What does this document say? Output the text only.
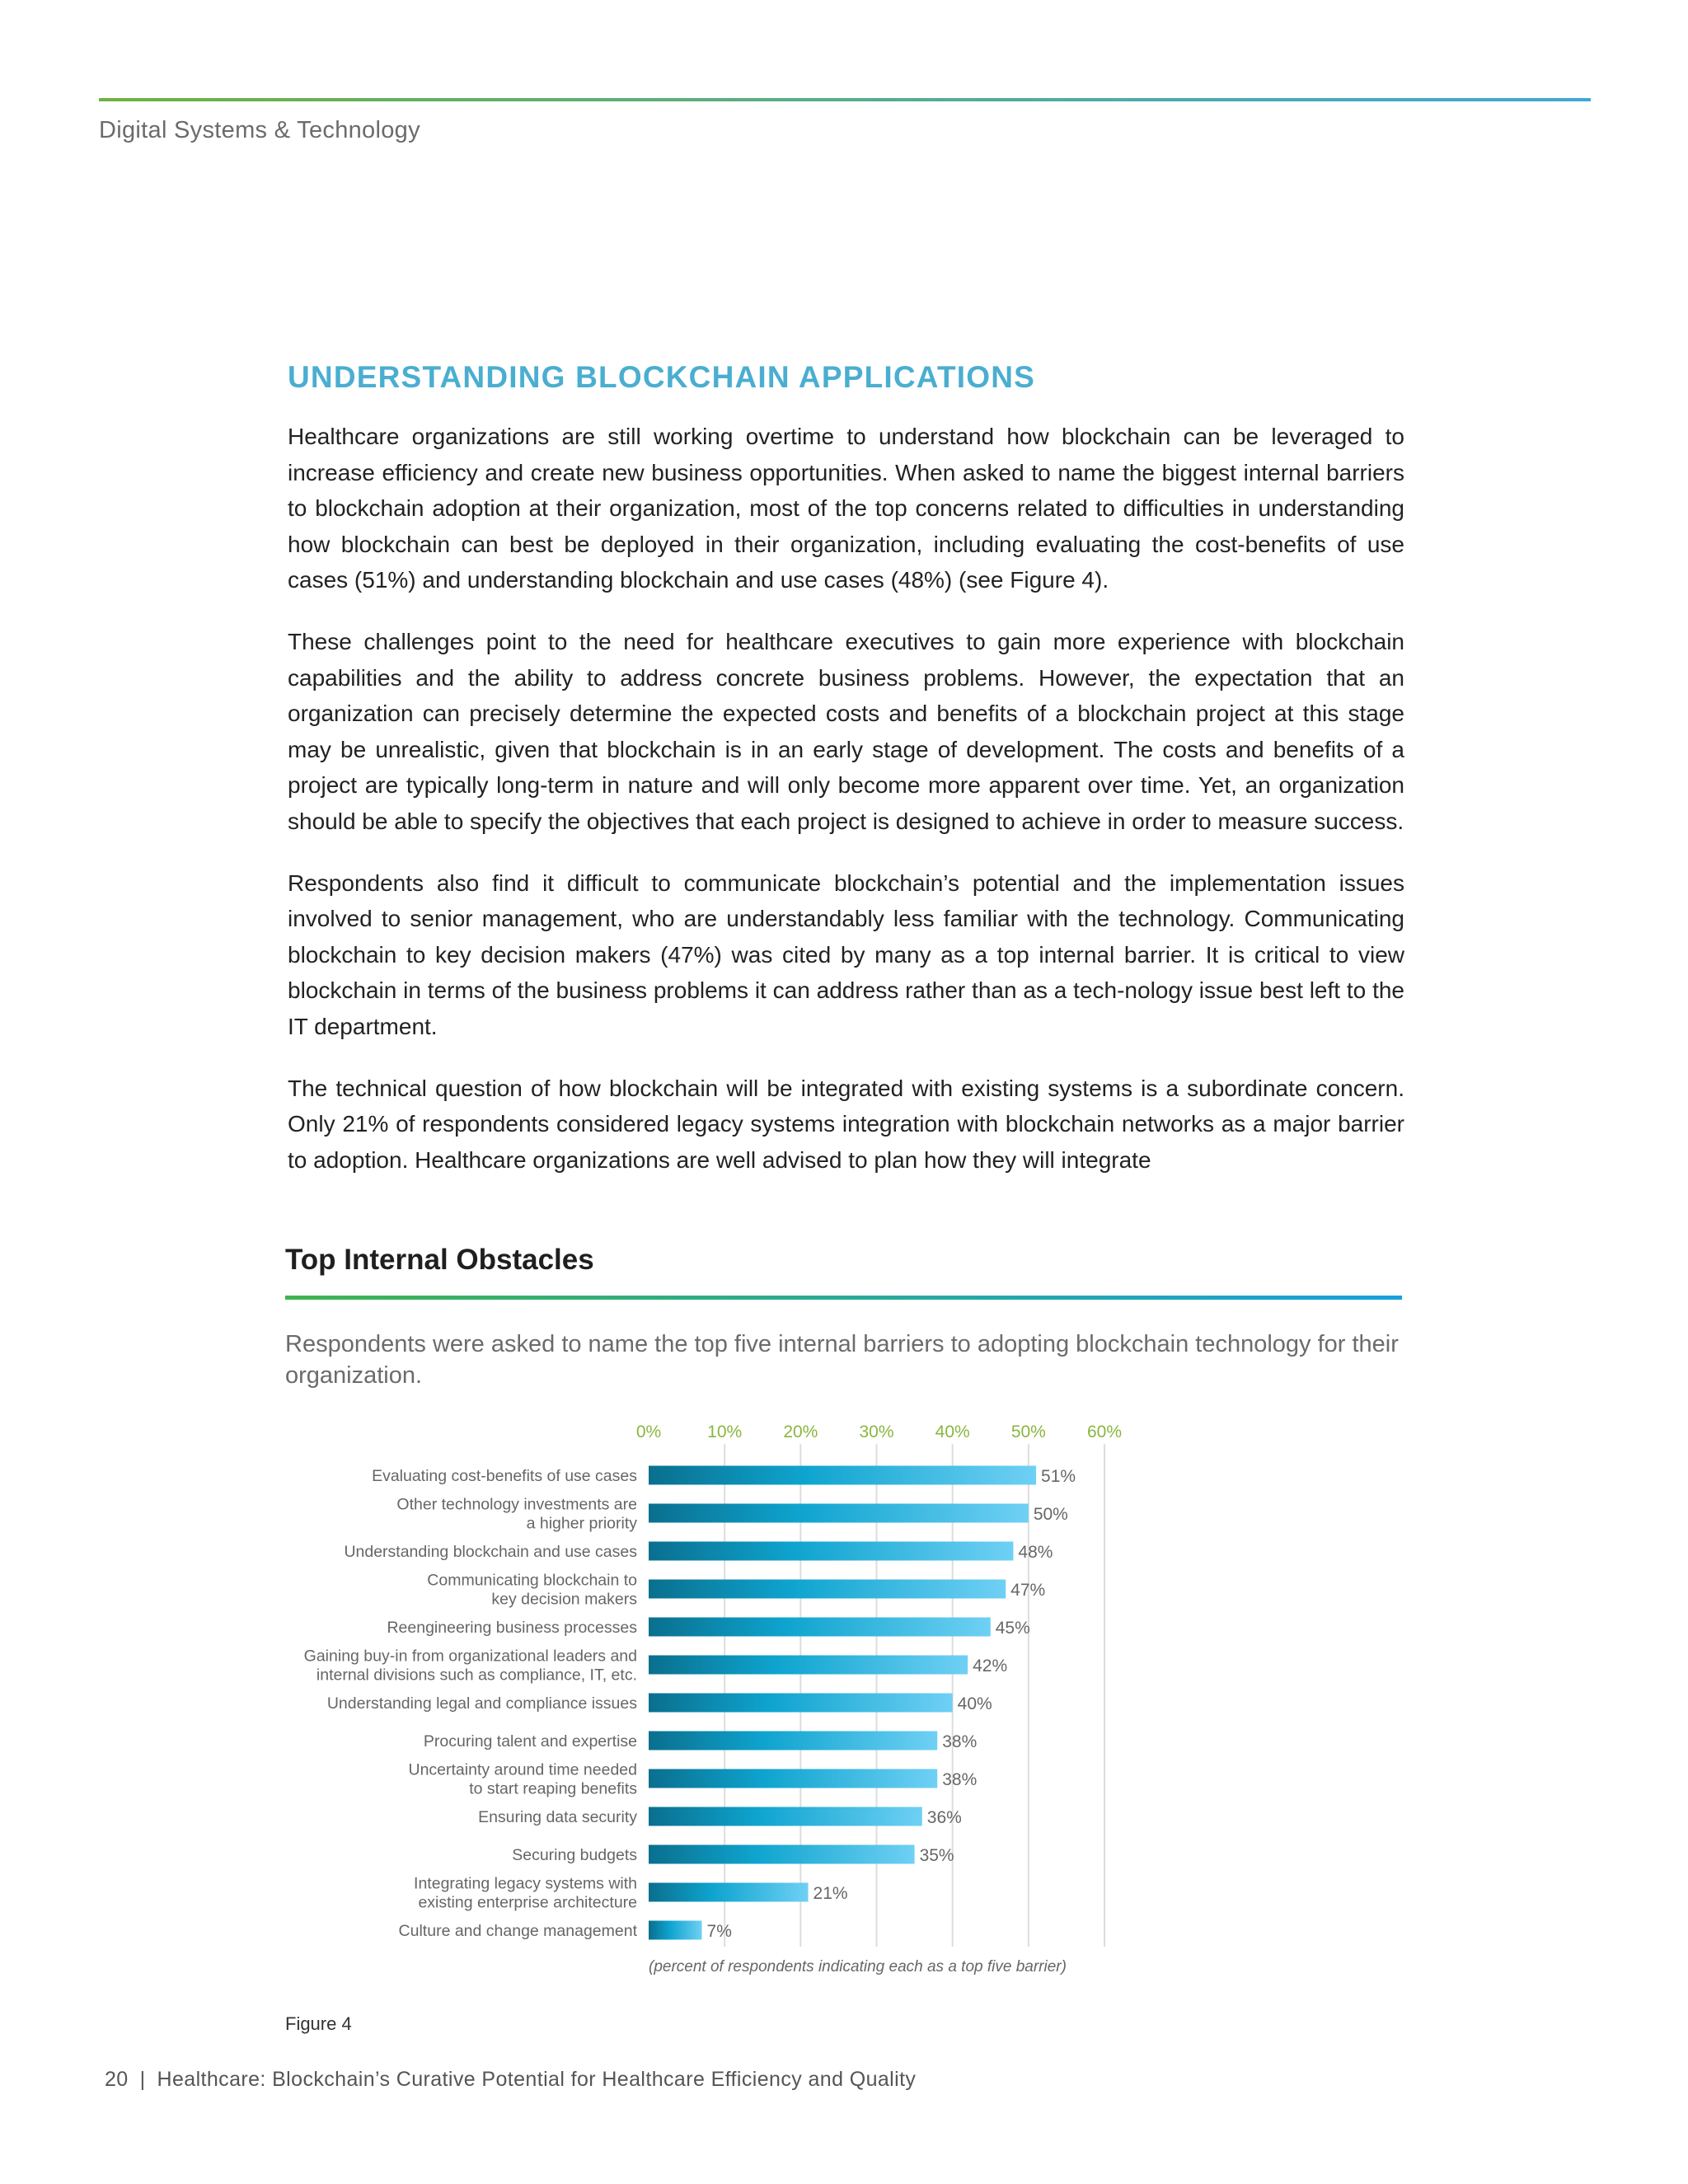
Digital Systems & Technology
UNDERSTANDING BLOCKCHAIN APPLICATIONS

Healthcare organizations are still working overtime to understand how blockchain can be leveraged to increase efficiency and create new business opportunities. When asked to name the biggest internal barriers to blockchain adoption at their organization, most of the top concerns related to difficulties in understanding how blockchain can best be deployed in their organization, including evaluating the cost-benefits of use cases (51%) and understanding blockchain and use cases (48%) (see Figure 4).

These challenges point to the need for healthcare executives to gain more experience with blockchain capabilities and the ability to address concrete business problems. However, the expectation that an organization can precisely determine the expected costs and benefits of a blockchain project at this stage may be unrealistic, given that blockchain is in an early stage of development. The costs and benefits of a project are typically long-term in nature and will only become more apparent over time. Yet, an organization should be able to specify the objectives that each project is designed to achieve in order to measure success.

Respondents also find it difficult to communicate blockchain’s potential and the implementation issues involved to senior management, who are understandably less familiar with the technology. Communicating blockchain to key decision makers (47%) was cited by many as a top internal barrier. It is critical to view blockchain in terms of the business problems it can address rather than as a tech-nology issue best left to the IT department.

The technical question of how blockchain will be integrated with existing systems is a subordinate concern. Only 21% of respondents considered legacy systems integration with blockchain networks as a major barrier to adoption. Healthcare organizations are well advised to plan how they will integrate

Top Internal Obstacles
Respondents were asked to name the top five internal barriers to adopting blockchain technology for their organization.
0%	10% 20% 30% 40% 50% 60%
51%
Evaluating cost-benefits of use cases
50%
Other technology investments are a higher priority
48%
Understanding blockchain and use cases
47%
Communicating blockchain to key decision makers
45%
Reengineering business processes
42%
Gaining buy-in from organizational leaders and internal divisions such as compliance, IT, etc.
40%
Understanding legal and compliance issues
38%
Procuring talent and expertise
38%
Uncertainty around time needed to start reaping benefits
36%
Ensuring data security
35%
Securing budgets
21%
Integrating legacy systems with existing enterprise architecture
7%
Culture and change management
(percent of respondents indicating each as a top five barrier)
Figure 4
20 | Healthcare: Blockchain’s Curative Potential for Healthcare Efficiency and Quality
